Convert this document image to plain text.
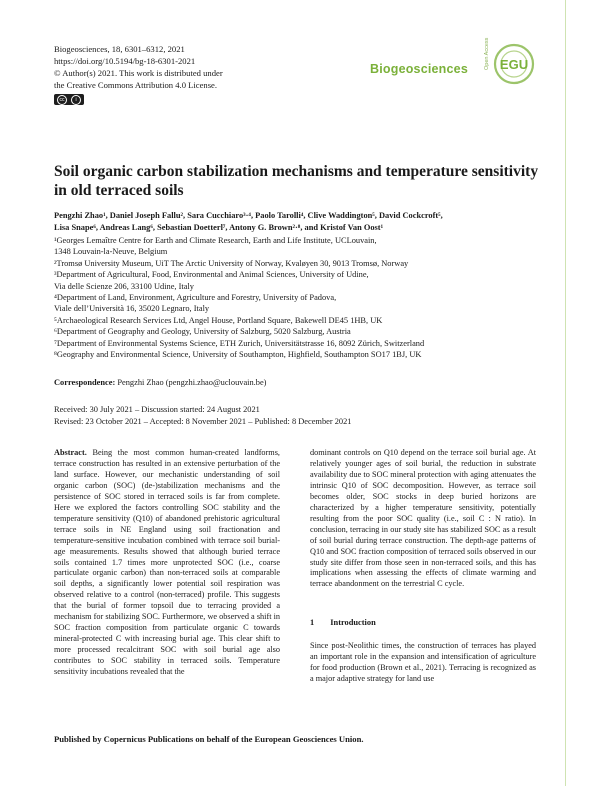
Biogeosciences, 18, 6301–6312, 2021
https://doi.org/10.5194/bg-18-6301-2021
© Author(s) 2021. This work is distributed under
the Creative Commons Attribution 4.0 License.
cc	i
Biogeosciences	Open Access EGU
Soil organic carbon stabilization mechanisms and temperature sensitivity in old terraced soils
Pengzhi Zhao¹, Daniel Joseph Fallu², Sara Cucchiaro³·⁴, Paolo Tarolli⁴, Clive Waddington⁵, David Cockcroft⁵,
Lisa Snape⁶, Andreas Lang⁶, Sebastian Doetterl⁷, Antony G. Brown²·⁸, and Kristof Van Oost¹
¹Georges Lemaître Centre for Earth and Climate Research, Earth and Life Institute, UCLouvain,
1348 Louvain-la-Neuve, Belgium
²Tromsø University Museum, UiT The Arctic University of Norway, Kvaløyen 30, 9013 Tromsø, Norway
³Department of Agricultural, Food, Environmental and Animal Sciences, University of Udine,
Via delle Scienze 206, 33100 Udine, Italy
⁴Department of Land, Environment, Agriculture and Forestry, University of Padova,
Viale dell’Università 16, 35020 Legnaro, Italy
⁵Archaeological Research Services Ltd, Angel House, Portland Square, Bakewell DE45 1HB, UK
⁶Department of Geography and Geology, University of Salzburg, 5020 Salzburg, Austria
⁷Department of Environmental Systems Science, ETH Zurich, Universitätstrasse 16, 8092 Zürich, Switzerland
⁸Geography and Environmental Science, University of Southampton, Highfield, Southampton SO17 1BJ, UK
Correspondence: Pengzhi Zhao (pengzhi.zhao@uclouvain.be)
Received: 30 July 2021 – Discussion started: 24 August 2021
Revised: 23 October 2021 – Accepted: 8 November 2021 – Published: 8 December 2021
Abstract. Being the most common human-created landforms, terrace construction has resulted in an extensive perturbation of the land surface. However, our mechanistic understanding of soil organic carbon (SOC) (de-)stabilization mechanisms and the persistence of SOC stored in terraced soils is far from complete. Here we explored the factors controlling SOC stability and the temperature sensitivity (Q10) of abandoned prehistoric agricultural terrace soils in NE England using soil fractionation and temperature-sensitive incubation combined with terrace soil burial-age measurements. Results showed that although buried terrace soils contained 1.7 times more unprotected SOC (i.e., coarse particulate organic carbon) than non-terraced soils at comparable soil depths, a significantly lower potential soil respiration was observed relative to a control (non-terraced) profile. This suggests that the burial of former topsoil due to terracing provided a mechanism for stabilizing SOC. Furthermore, we observed a shift in SOC fraction composition from particulate organic C towards mineral-protected C with increasing burial age. This clear shift to more processed recalcitrant SOC with soil burial age also contributes to SOC stability in terraced soils. Temperature sensitivity incubations revealed that the
dominant controls on Q10 depend on the terrace soil burial age. At relatively younger ages of soil burial, the reduction in substrate availability due to SOC mineral protection with aging attenuates the intrinsic Q10 of SOC decomposition. However, as terrace soil becomes older, SOC stocks in deep buried horizons are characterized by a higher temperature sensitivity, potentially resulting from the poor SOC quality (i.e., soil C : N ratio). In conclusion, terracing in our study site has stabilized SOC as a result of soil burial during terrace construction. The depth-age patterns of Q10 and SOC fraction composition of terraced soils observed in our study site differ from those seen in non-terraced soils, and this has implications when assessing the effects of climate warming and terrace abandonment on the terrestrial C cycle.
1 Introduction
Since post-Neolithic times, the construction of terraces has played an important role in the expansion and intensification of agriculture for food production (Brown et al., 2021). Terracing is recognized as a major adaptive strategy for land use
Published by Copernicus Publications on behalf of the European Geosciences Union.
